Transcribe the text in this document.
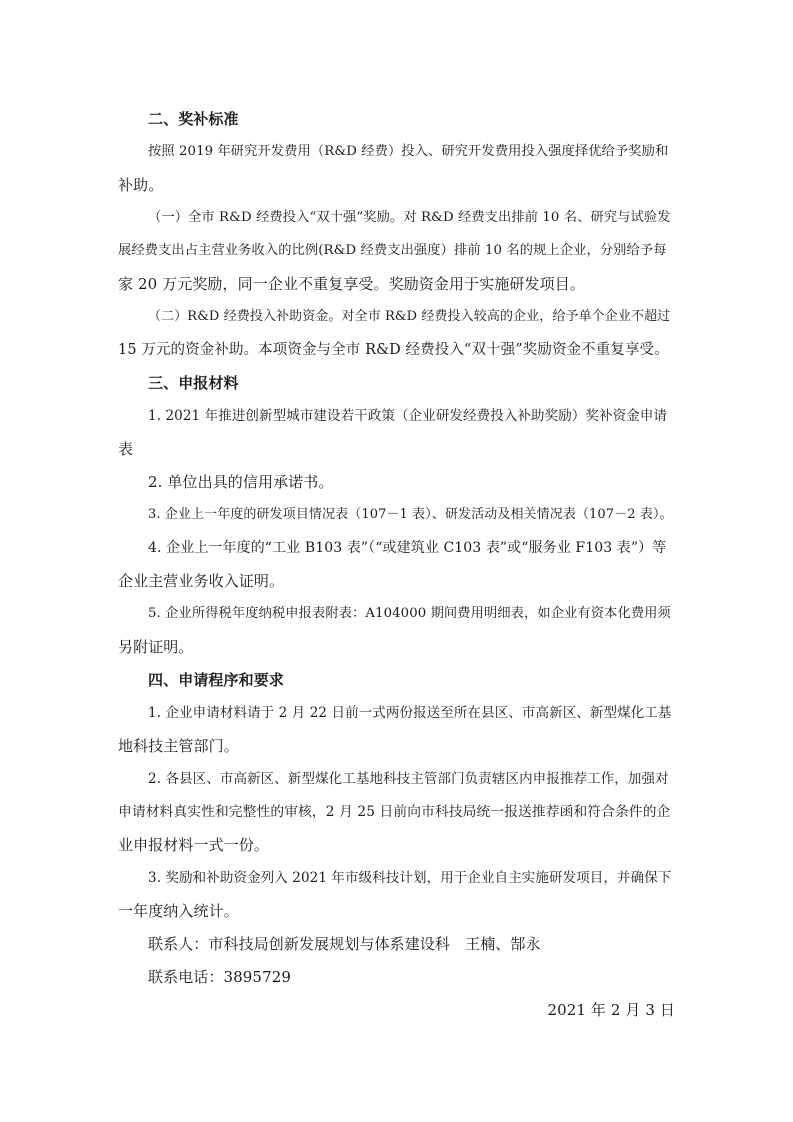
二、奖补标准
按照 2019 年研究开发费用（R&D 经费）投入、研究开发费用投入强度择优给予奖励和
补助。
（一）全市 R&D 经费投入“双十强”奖励。对 R&D 经费支出排前 10 名、研究与试验发
展经费支出占主营业务收入的比例(R&D 经费支出强度）排前 10 名的规上企业，分别给予每
家 20 万元奖励，同一企业不重复享受。奖励资金用于实施研发项目。
（二）R&D 经费投入补助资金。对全市 R&D 经费投入较高的企业，给予单个企业不超过
15 万元的资金补助。本项资金与全市 R&D 经费投入“双十强”奖励资金不重复享受。
三、申报材料
1. 2021 年推进创新型城市建设若干政策（企业研发经费投入补助奖励）奖补资金申请
表
2. 单位出具的信用承诺书。
3. 企业上一年度的研发项目情况表（107－1 表）、研发活动及相关情况表（107－2 表）。
4. 企业上一年度的“工业 B103 表”（“或建筑业 C103 表”或“服务业 F103 表”）等
企业主营业务收入证明。
5. 企业所得税年度纳税申报表附表：A104000 期间费用明细表，如企业有资本化费用须
另附证明。
四、申请程序和要求
1. 企业申请材料请于 2 月 22 日前一式两份报送至所在县区、市高新区、新型煤化工基
地科技主管部门。
2. 各县区、市高新区、新型煤化工基地科技主管部门负责辖区内申报推荐工作，加强对
申请材料真实性和完整性的审核，2 月 25 日前向市科技局统一报送推荐函和符合条件的企
业申报材料一式一份。
3. 奖励和补助资金列入 2021 年市级科技计划，用于企业自主实施研发项目，并确保下
一年度纳入统计。
联系人：市科技局创新发展规划与体系建设科　王楠、郜永
联系电话：3895729
2021 年 2 月 3 日
